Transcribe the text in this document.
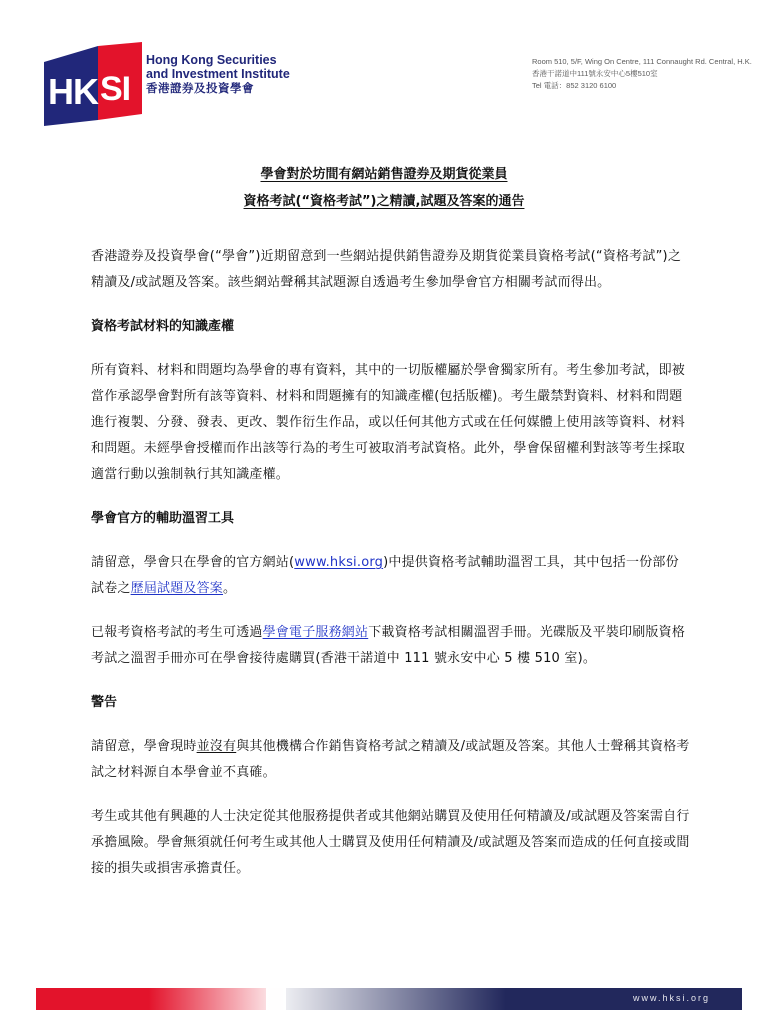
HK SI
Hong Kong Securities
and Investment Institute
香港證券及投資學會
Room 510, 5/F, Wing On Centre, 111 Connaught Rd. Central, H.K.
香港干諾道中111號永安中心5樓510室
Tel 電話：852 3120 6100
學會對於坊間有網站銷售證券及期貨從業員
資格考試(“資格考試”)之精讀,試題及答案的通告

香港證券及投資學會(“學會”)近期留意到一些網站提供銷售證券及期貨從業員資格考試(“資格考試”)之精讀及/或試題及答案。該些網站聲稱其試題源自透過考生參加學會官方相關考試而得出。

資格考試材料的知識產權

所有資料、材料和問題均為學會的專有資料，其中的一切版權屬於學會獨家所有。考生參加考試，即被當作承認學會對所有該等資料、材料和問題擁有的知識產權(包括版權)。考生嚴禁對資料、材料和問題進行複製、分發、發表、更改、製作衍生作品，或以任何其他方式或在任何媒體上使用該等資料、材料和問題。未經學會授權而作出該等行為的考生可被取消考試資格。此外，學會保留權利對該等考生採取適當行動以強制執行其知識產權。

學會官方的輔助溫習工具

請留意，學會只在學會的官方網站(www.hksi.org)中提供資格考試輔助溫習工具，其中包括一份部份試卷之歷屆試題及答案。

已報考資格考試的考生可透過學會電子服務網站下載資格考試相關溫習手冊。光碟版及平裝印刷版資格考試之溫習手冊亦可在學會接待處購買(香港干諾道中 111 號永安中心 5 樓 510 室)。

警告

請留意，學會現時並沒有與其他機構合作銷售資格考試之精讀及/或試題及答案。其他人士聲稱其資格考試之材料源自本學會並不真確。

考生或其他有興趣的人士決定從其他服務提供者或其他網站購買及使用任何精讀及/或試題及答案需自行承擔風險。學會無須就任何考生或其他人士購買及使用任何精讀及/或試題及答案而造成的任何直接或間接的損失或損害承擔責任。

www.hksi.org
